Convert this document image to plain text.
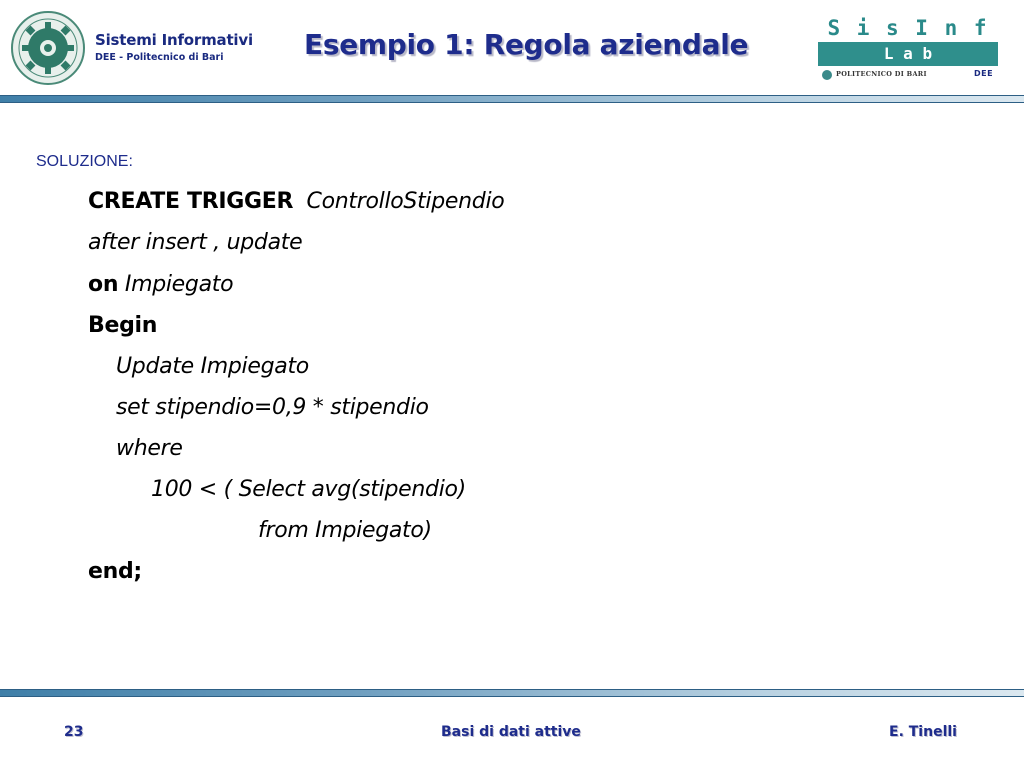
Sistemi Informativi
DEE - Politecnico di Bari	Esempio 1: Regola aziendale	S i s I n f
L a b
POLITECNICO DI BARI	DEE
SOLUZIONE:
CREATE TRIGGER ControlloStipendio
after insert , update
on Impiegato
Begin
Update Impiegato
set stipendio=0,9 * stipendio
where
100 < ( Select avg(stipendio)
from Impiegato)
end;
23	Basi di dati attive	E. Tinelli
